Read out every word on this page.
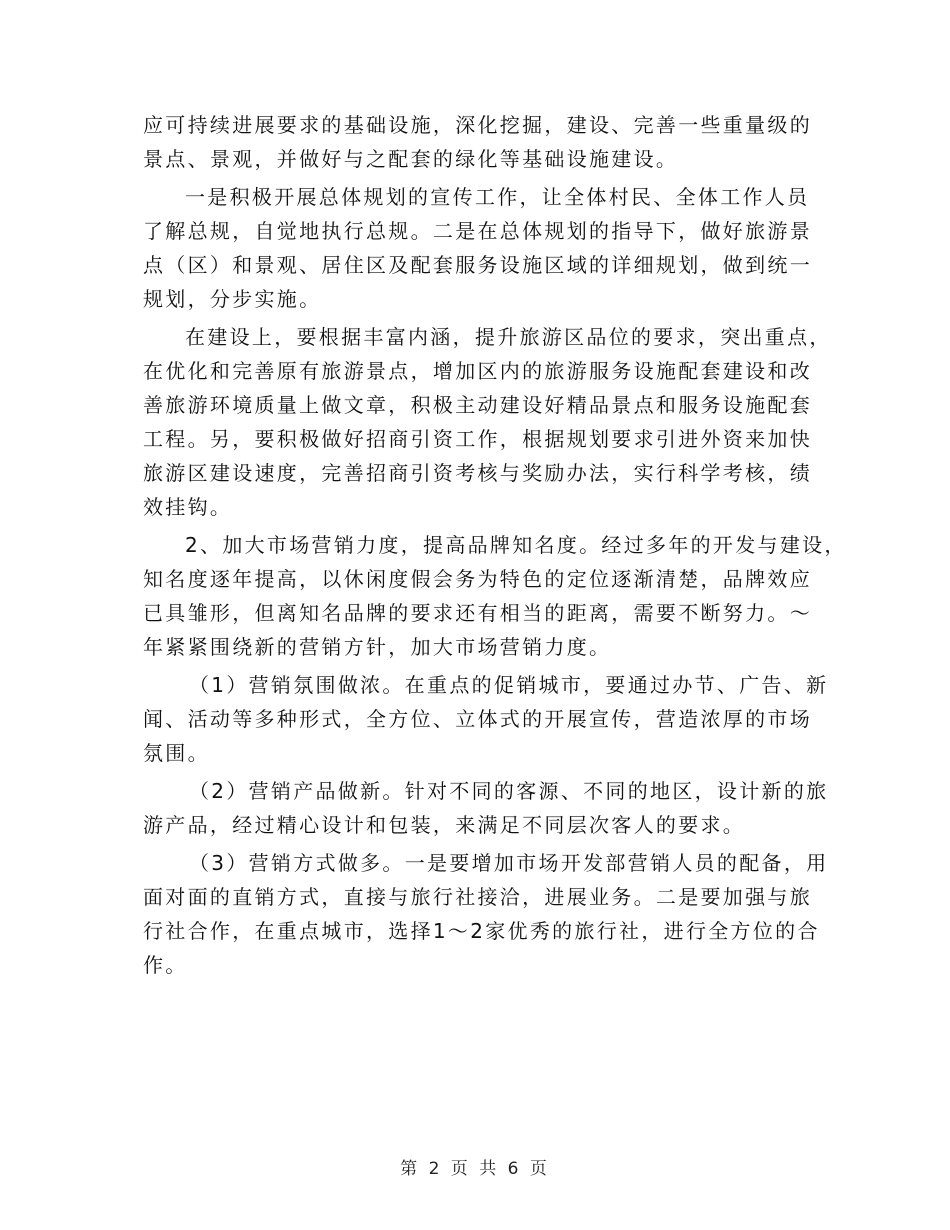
应可持续进展要求的基础设施，深化挖掘，建设、完善一些重量级的
景点、景观，并做好与之配套的绿化等基础设施建设。

一是积极开展总体规划的宣传工作，让全体村民、全体工作人员
了解总规，自觉地执行总规。二是在总体规划的指导下，做好旅游景
点（区）和景观、居住区及配套服务设施区域的详细规划，做到统一
规划，分步实施。

在建设上，要根据丰富内涵，提升旅游区品位的要求，突出重点，
在优化和完善原有旅游景点，增加区内的旅游服务设施配套建设和改
善旅游环境质量上做文章，积极主动建设好精品景点和服务设施配套
工程。另，要积极做好招商引资工作，根据规划要求引进外资来加快
旅游区建设速度，完善招商引资考核与奖励办法，实行科学考核，绩
效挂钩。

2、加大市场营销力度，提高品牌知名度。经过多年的开发与建设，
知名度逐年提高，以休闲度假会务为特色的定位逐渐清楚，品牌效应
已具雏形，但离知名品牌的要求还有相当的距离，需要不断努力。～
年紧紧围绕新的营销方针，加大市场营销力度。

（1）营销氛围做浓。在重点的促销城市，要通过办节、广告、新
闻、活动等多种形式，全方位、立体式的开展宣传，营造浓厚的市场
氛围。

（2）营销产品做新。针对不同的客源、不同的地区，设计新的旅
游产品，经过精心设计和包装，来满足不同层次客人的要求。

（3）营销方式做多。一是要增加市场开发部营销人员的配备，用
面对面的直销方式，直接与旅行社接洽，进展业务。二是要加强与旅
行社合作，在重点城市，选择1～2家优秀的旅行社，进行全方位的合
作。

第 2 页 共 6 页
